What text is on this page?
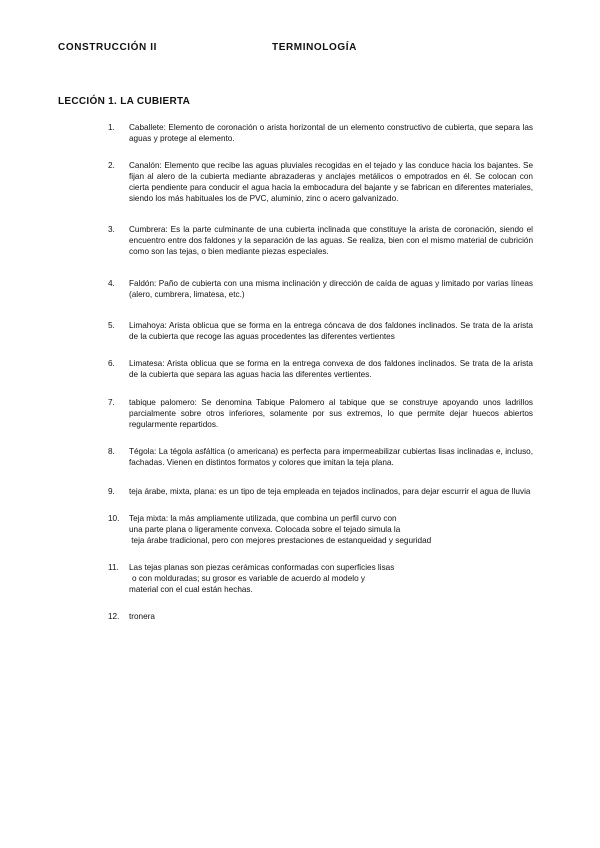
CONSTRUCCIÓN II	TERMINOLOGÍA
LECCIÓN 1. LA CUBIERTA
1. Caballete: Elemento de coronación o arista horizontal de un elemento constructivo de cubierta, que separa las aguas y protege al elemento.
2. Canalón: Elemento que recibe las aguas pluviales recogidas en el tejado y las conduce hacia los bajantes. Se fijan al alero de la cubierta mediante abrazaderas y anclajes metálicos o empotrados en él. Se colocan con cierta pendiente para conducir el agua hacia la embocadura del bajante y se fabrican en diferentes materiales, siendo los más habituales los de PVC, aluminio, zinc o acero galvanizado.
3. Cumbrera: Es la parte culminante de una cubierta inclinada que constituye la arista de coronación, siendo el encuentro entre dos faldones y la separación de las aguas. Se realiza, bien con el mismo material de cubrición como son las tejas, o bien mediante piezas especiales.
4. Faldón: Paño de cubierta con una misma inclinación y dirección de caída de aguas y limitado por varias líneas (alero, cumbrera, limatesa, etc.)
5. Limahoya: Arista oblicua que se forma en la entrega cóncava de dos faldones inclinados. Se trata de la arista de la cubierta que recoge las aguas procedentes las diferentes vertientes
6. Limatesa: Arista oblicua que se forma en la entrega convexa de dos faldones inclinados. Se trata de la arista de la cubierta que separa las aguas hacia las diferentes vertientes.
7. tabique palomero: Se denomina Tabique Palomero al tabique que se construye apoyando unos ladrillos parcialmente sobre otros inferiores, solamente por sus extremos, lo que permite dejar huecos abiertos regularmente repartidos.
8. Tégola: La tégola asfáltica (o americana) es perfecta para impermeabilizar cubiertas lisas inclinadas e, incluso, fachadas. Vienen en distintos formatos y colores que imitan la teja plana.
9. teja árabe, mixta, plana: es un tipo de teja empleada en tejados inclinados, para dejar escurrir el agua de lluvia
10. Teja mixta: la más ampliamente utilizada, que combina un perfil curvo con
una parte plana o ligeramente convexa. Colocada sobre el tejado simula la
teja árabe tradicional, pero con mejores prestaciones de estanqueidad y seguridad
11. Las tejas planas son piezas cerámicas conformadas con superficies lisas
o con molduradas; su grosor es variable de acuerdo al modelo y
material con el cual están hechas.
12. tronera
